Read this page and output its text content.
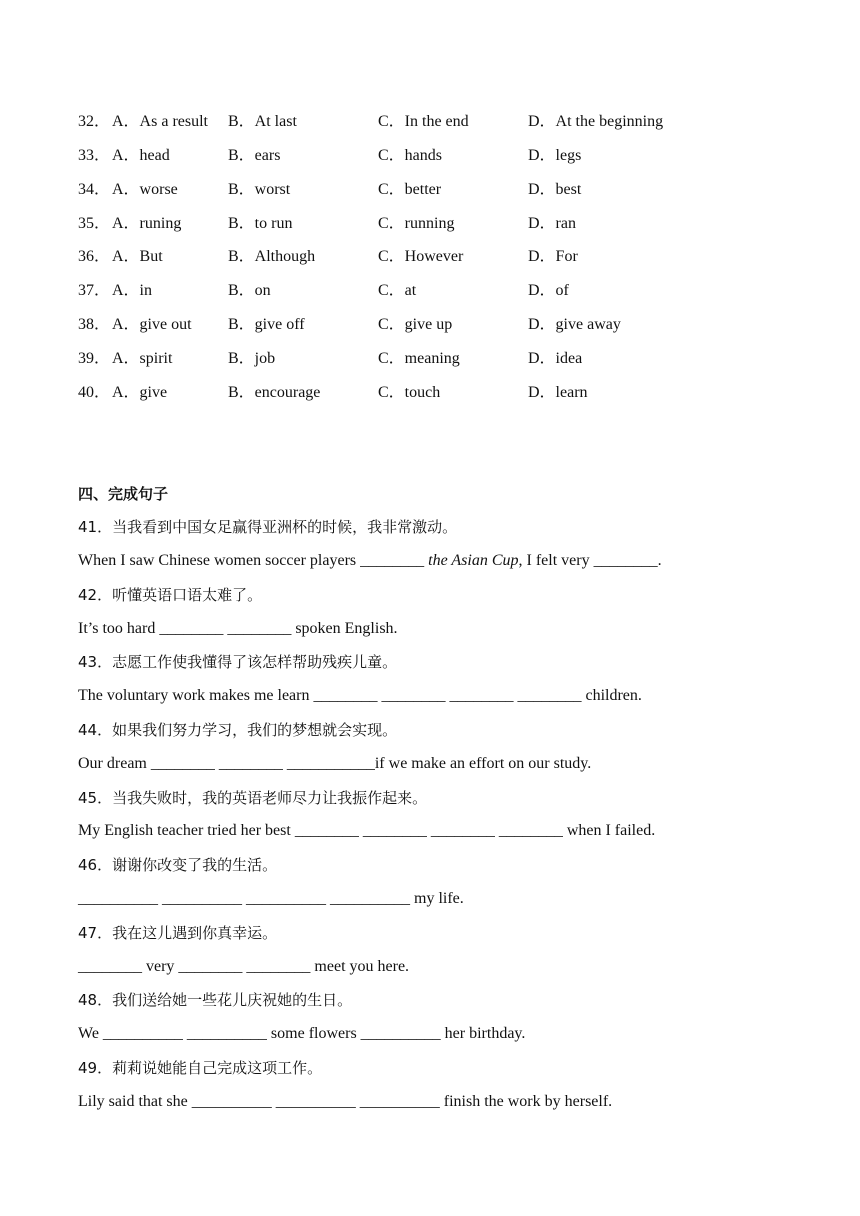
32． A．As a result B．At last	C．In the end	D．At the beginning
33． A．head	B．ears	C．hands	D．legs
34． A．worse	B．worst	C．better	D．best
35． A．runing	B．to run	C．running	D．ran
36． A．But	B．Although	C．However	D．For
37． A．in	B．on	C．at	D．of
38． A．give out B．give off	C．give up	D．give away
39． A．spirit	B．job	C．meaning	D．idea
40． A．give	B．encourage	C．touch	D．learn
四、完成句子
41．当我看到中国女足赢得亚洲杯的时候，我非常激动。
When I saw Chinese women soccer players ________ the Asian Cup, I felt very ________.
42．听懂英语口语太难了。
It’s too hard ________ ________ spoken English.
43．志愿工作使我懂得了该怎样帮助残疾儿童。
The voluntary work makes me learn ________ ________ ________ ________ children.
44．如果我们努力学习，我们的梦想就会实现。
Our dream ________ ________ ___________if we make an effort on our study.
45．当我失败时，我的英语老师尽力让我振作起来。
My English teacher tried her best ________ ________ ________ ________ when I failed.
46．谢谢你改变了我的生活。
__________ __________ __________ __________ my life.
47．我在这儿遇到你真幸运。
________ very ________ ________ meet you here.
48．我们送给她一些花儿庆祝她的生日。
We __________ __________ some flowers __________ her birthday.
49．莉莉说她能自己完成这项工作。
Lily said that she __________ __________ __________ finish the work by herself.
